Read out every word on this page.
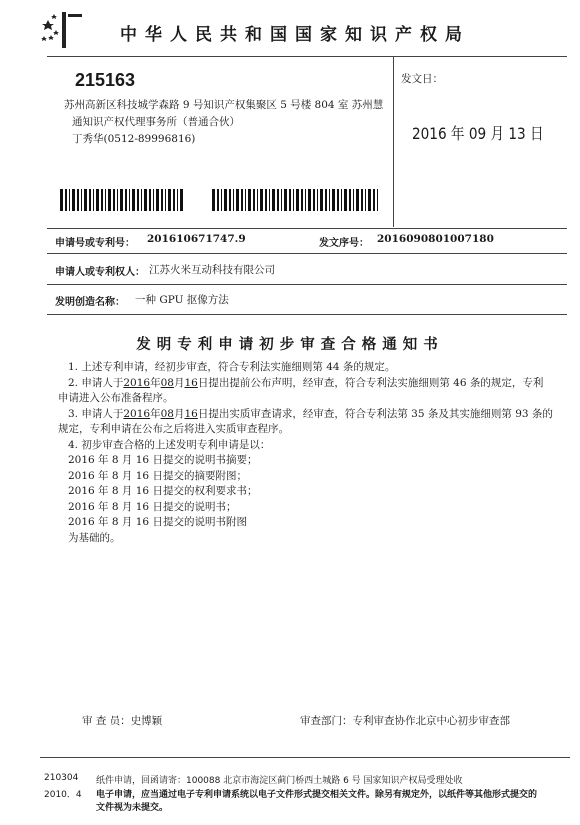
中华人民共和国国家知识产权局
215163
苏州高新区科技城学森路 9 号知识产权集聚区 5 号楼 804 室 苏州慧
通知识产权代理事务所（普通合伙）
丁秀华(0512-89996816)
发文日：
2016 年 09 月 13 日
申请号或专利号： 201610671747.9	发文序号： 2016090801007180
申请人或专利权人： 江苏火米互动科技有限公司
发明创造名称： 一种 GPU 抠像方法
发明专利申请初步审查合格通知书

1. 上述专利申请，经初步审查，符合专利法实施细则第 44 条的规定。

2. 申请人于2016年08月16日提出提前公布声明，经审查，符合专利法实施细则第 46 条的规定，专利

申请进入公布准备程序。

3. 申请人于2016年08月16日提出实质审查请求，经审查，符合专利法第 35 条及其实施细则第 93 条的

规定，专利申请在公布之后将进入实质审查程序。

4. 初步审查合格的上述发明专利申请是以：

2016 年 8 月 16 日提交的说明书摘要；

2016 年 8 月 16 日提交的摘要附图；

2016 年 8 月 16 日提交的权利要求书；

2016 年 8 月 16 日提交的说明书；

2016 年 8 月 16 日提交的说明书附图

为基础的。

审 查 员：史博颖	审查部门：专利审查协作北京中心初步审查部
210304
2010．4
纸件申请，回函请寄：100088 北京市海淀区蓟门桥西土城路 6 号 国家知识产权局受理处收
电子申请，应当通过电子专利申请系统以电子文件形式提交相关文件。除另有规定外，以纸件等其他形式提交的
文件视为未提交。
